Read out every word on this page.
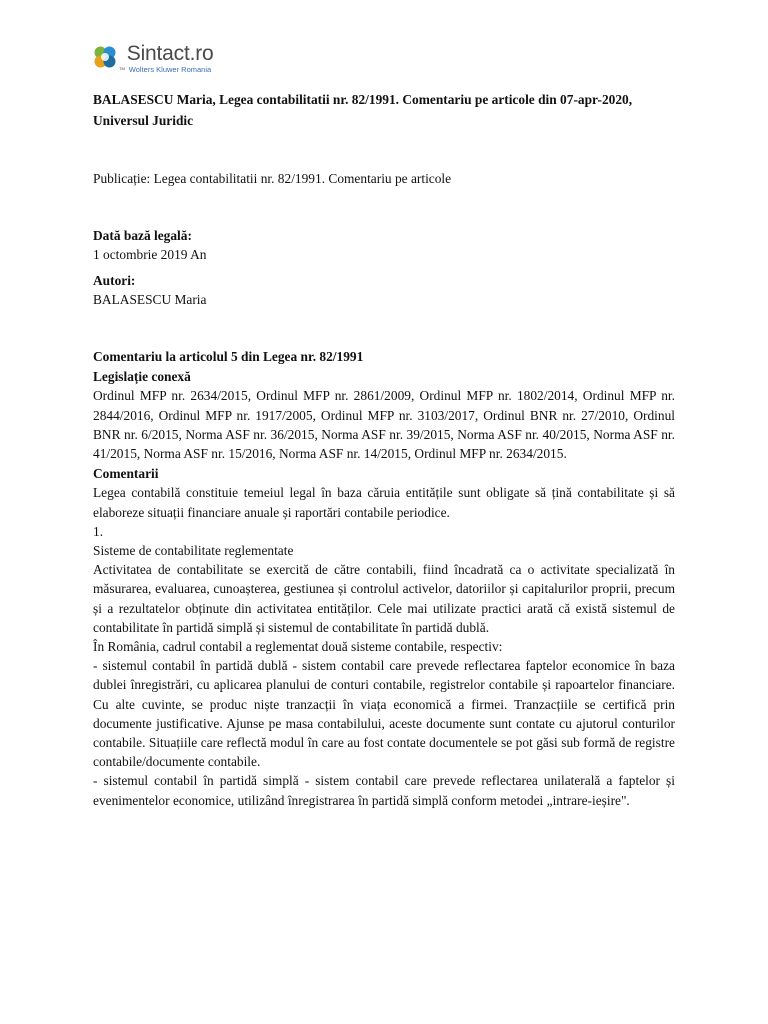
TM
Sintact.ro
Wolters Kluwer Romania

BALASESCU Maria, Legea contabilitatii nr. 82/1991. Comentariu pe articole din 07-apr-2020, Universul Juridic

Publicație: Legea contabilitatii nr. 82/1991. Comentariu pe articole

Dată bază legală:

1 octombrie 2019 An

Autori:

BALASESCU Maria

Comentariu la articolul 5 din Legea nr. 82/1991

Legislație conexă

Ordinul MFP nr. 2634/2015, Ordinul MFP nr. 2861/2009, Ordinul MFP nr. 1802/2014, Ordinul MFP nr. 2844/2016, Ordinul MFP nr. 1917/2005, Ordinul MFP nr. 3103/2017, Ordinul BNR nr. 27/2010, Ordinul BNR nr. 6/2015, Norma ASF nr. 36/2015, Norma ASF nr. 39/2015, Norma ASF nr. 40/2015, Norma ASF nr. 41/2015, Norma ASF nr. 15/2016, Norma ASF nr. 14/2015, Ordinul MFP nr. 2634/2015.

Comentarii

Legea contabilă constituie temeiul legal în baza căruia entitățile sunt obligate să țină contabilitate și să elaboreze situații financiare anuale și raportări contabile periodice.

1.

Sisteme de contabilitate reglementate

Activitatea de contabilitate se exercită de către contabili, fiind încadrată ca o activitate specializată în măsurarea, evaluarea, cunoașterea, gestiunea și controlul activelor, datoriilor și capitalurilor proprii, precum și a rezultatelor obținute din activitatea entităților. Cele mai utilizate practici arată că există sistemul de contabilitate în partidă simplă și sistemul de contabilitate în partidă dublă.

În România, cadrul contabil a reglementat două sisteme contabile, respectiv:

- sistemul contabil în partidă dublă - sistem contabil care prevede reflectarea faptelor economice în baza dublei înregistrări, cu aplicarea planului de conturi contabile, registrelor contabile și rapoartelor financiare. Cu alte cuvinte, se produc niște tranzacții în viața economică a firmei. Tranzacțiile se certifică prin documente justificative. Ajunse pe masa contabilului, aceste documente sunt contate cu ajutorul conturilor contabile. Situațiile care reflectă modul în care au fost contate documentele se pot găsi sub formă de registre contabile/documente contabile.

- sistemul contabil în partidă simplă - sistem contabil care prevede reflectarea unilaterală a faptelor și evenimentelor economice, utilizând înregistrarea în partidă simplă conform metodei „intrare-ieșire".
